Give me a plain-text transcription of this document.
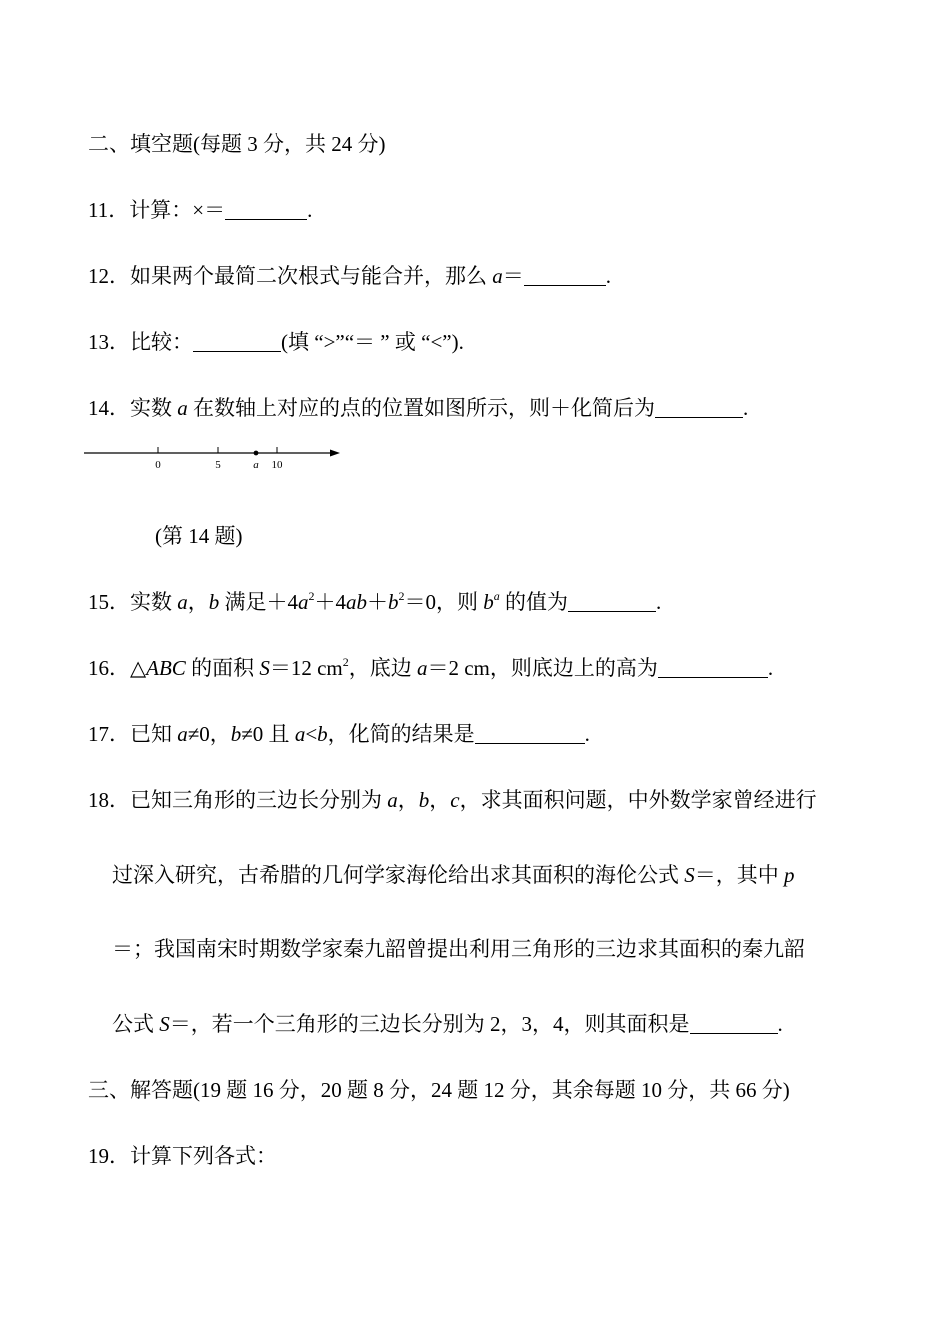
二、填空题(每题 3 分，共 24 分)
11．计算：×＝	.
12．如果两个最简二次根式与能合并，那么 a＝	.
13．比较：	(填 “>”“＝ ” 或 “<”).
14．实数 a 在数轴上对应的点的位置如图所示，则＋化简后为	.
0	5	a 10
(第 14 题)
15．实数 a，b 满足$+4a^2+4ab+b^2=0$，则 $b^a$ 的值为	.
16．△ABC 的面积 S＝12 $cm^2$，底边 a＝2 cm，则底边上的高为	.
17．已知 a≠0，b≠0 且 a<b，化简的结果是	.
18．已知三角形的三边长分别为 a，b，c，求其面积问题，中外数学家曾经进行
过深入研究，古希腊的几何学家海伦给出求其面积的海伦公式 S＝，其中 p
＝；我国南宋时期数学家秦九韶曾提出利用三角形的三边求其面积的秦九韶
公式 S＝，若一个三角形的三边长分别为 2，3，4，则其面积是	.
三、解答题(19 题 16 分，20 题 8 分，24 题 12 分，其余每题 10 分，共 66 分)
19．计算下列各式：
